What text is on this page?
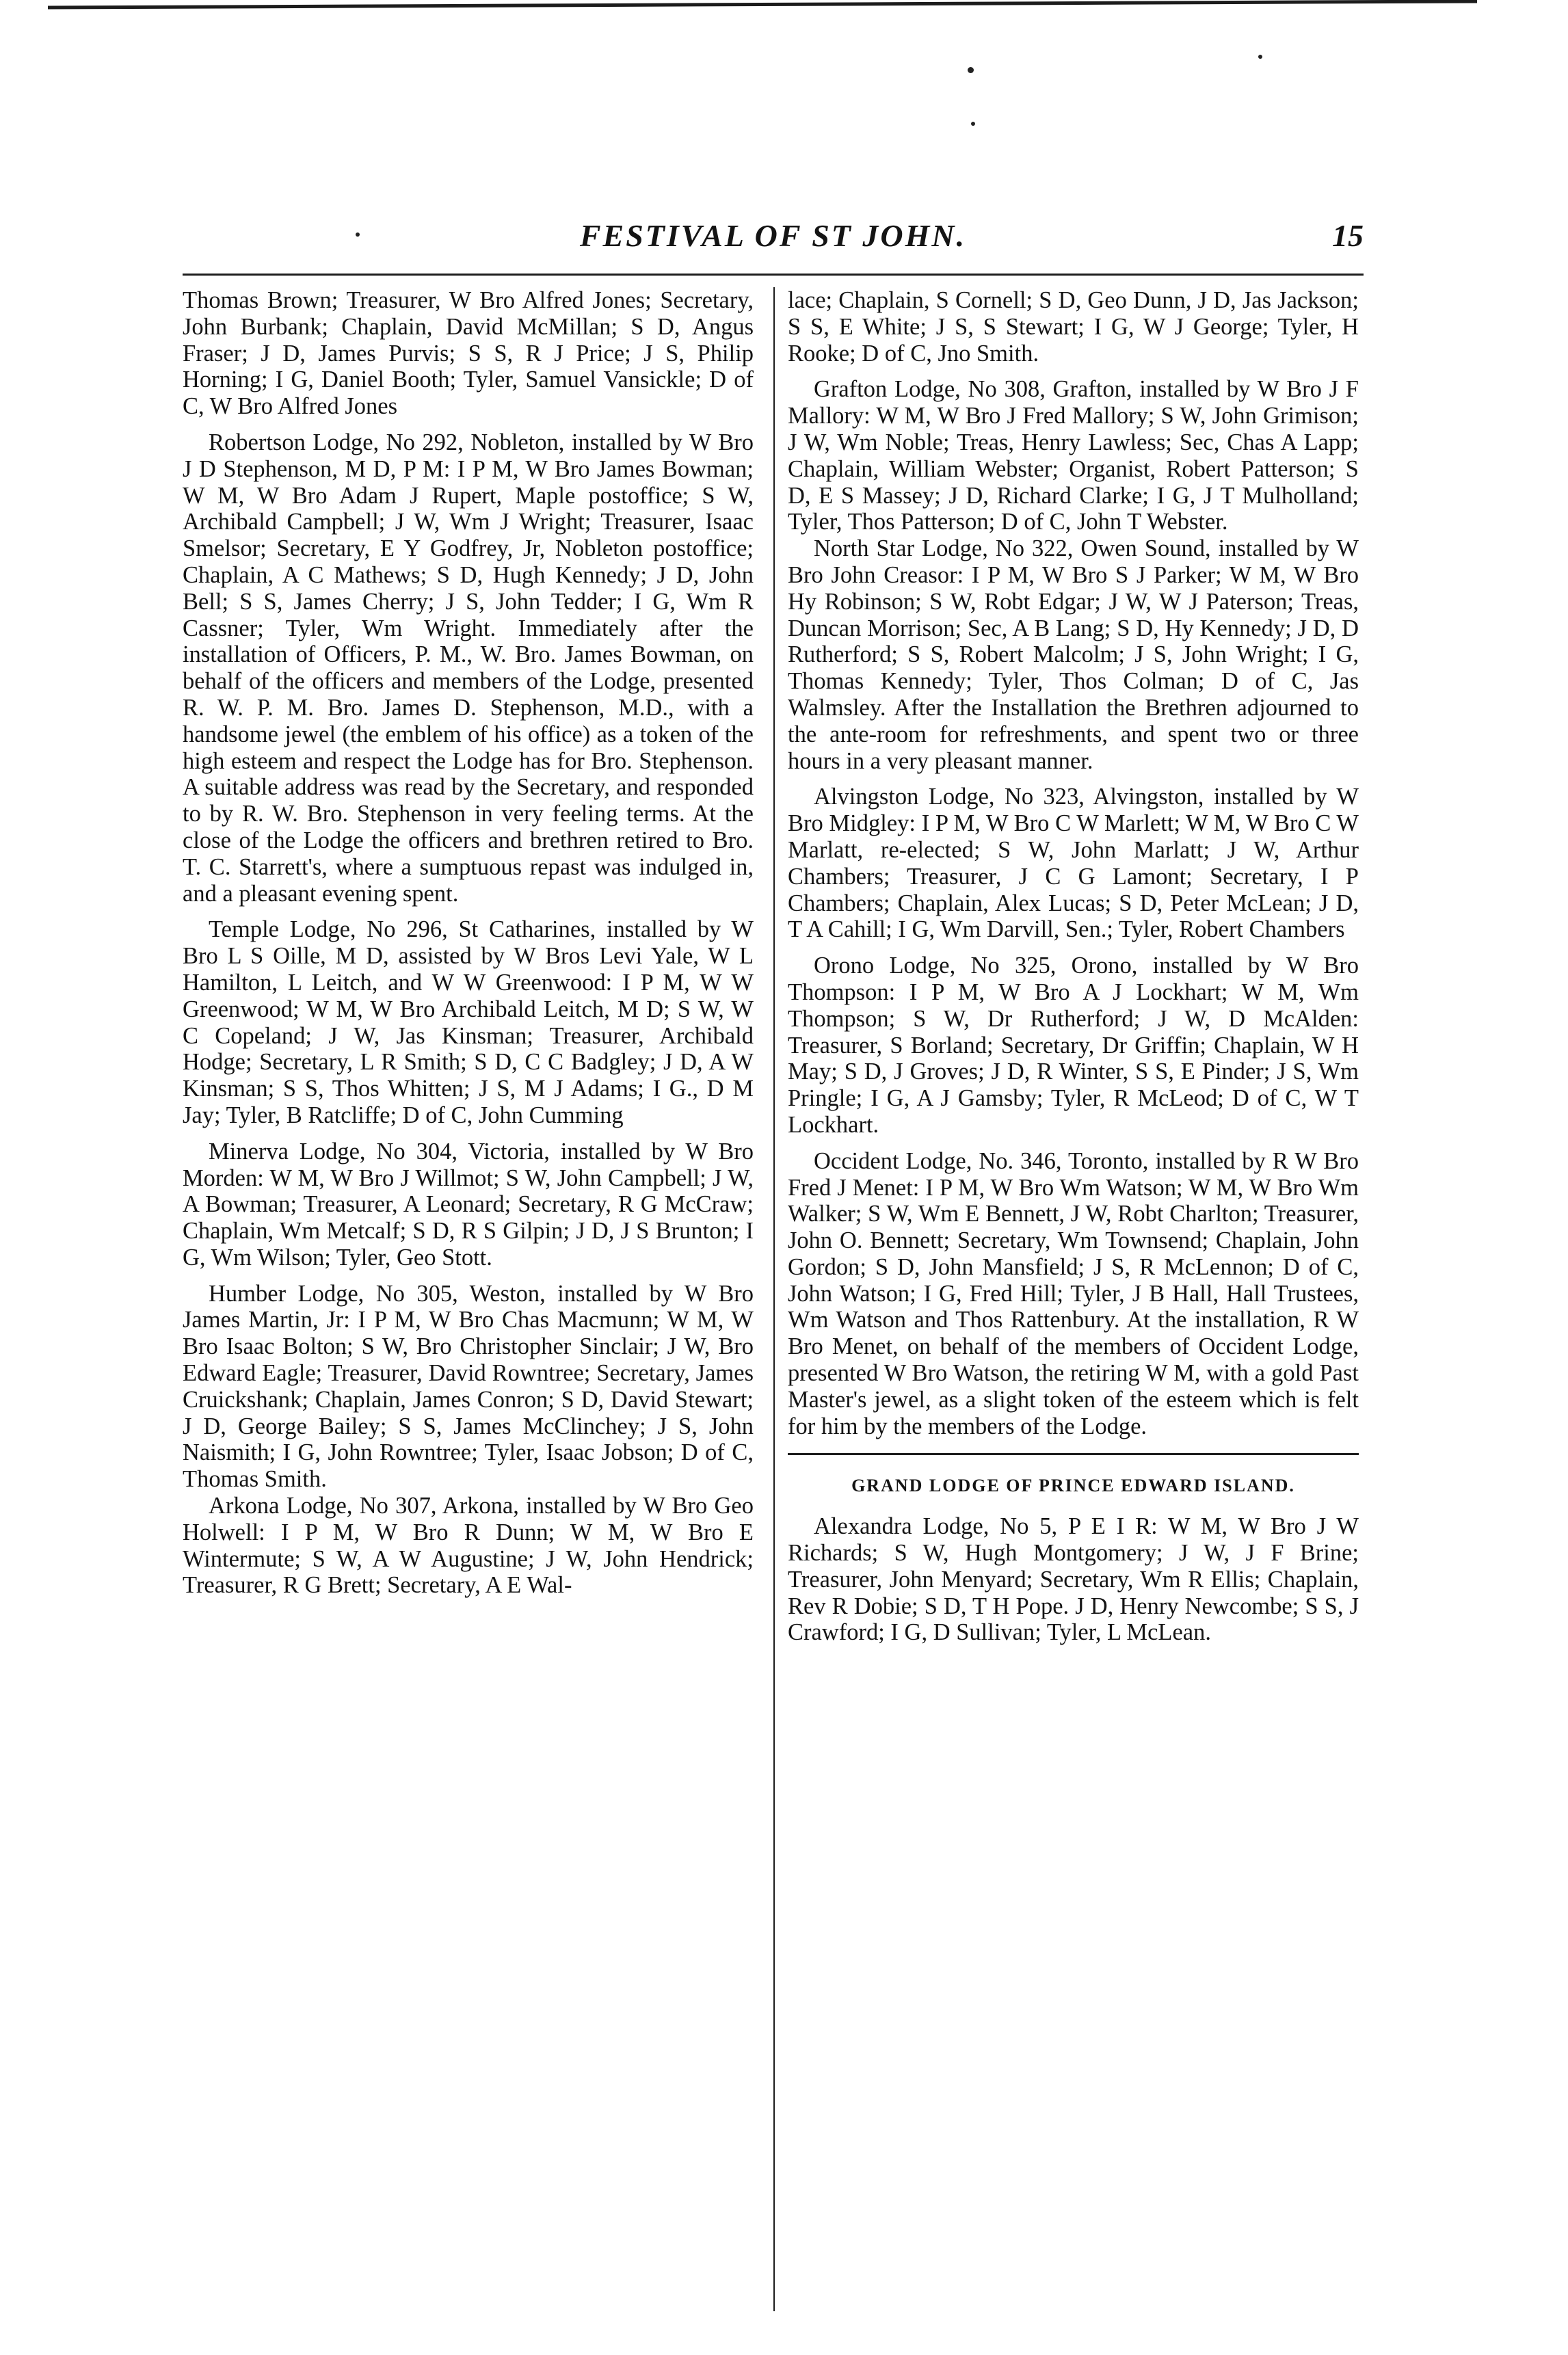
FESTIVAL OF ST JOHN.	15

Thomas Brown; Treasurer, W Bro Alfred Jones; Secretary, John Burbank; Chaplain, David McMillan; S D, Angus Fraser; J D, James Purvis; S S, R J Price; J S, Philip Horning; I G, Daniel Booth; Tyler, Samuel Vansickle; D of C, W Bro Alfred Jones

Robertson Lodge, No 292, Nobleton, installed by W Bro J D Stephenson, M D, P M: I P M, W Bro James Bowman; W M, W Bro Adam J Rupert, Maple postoffice; S W, Archibald Campbell; J W, Wm J Wright; Treasurer, Isaac Smelsor; Secretary, E Y Godfrey, Jr, Nobleton postoffice; Chaplain, A C Mathews; S D, Hugh Kennedy; J D, John Bell; S S, James Cherry; J S, John Tedder; I G, Wm R Cassner; Tyler, Wm Wright. Immediately after the installation of Officers, P. M., W. Bro. James Bowman, on behalf of the officers and members of the Lodge, presented R. W. P. M. Bro. James D. Stephenson, M.D., with a handsome jewel (the emblem of his office) as a token of the high esteem and respect the Lodge has for Bro. Stephenson. A suitable address was read by the Secretary, and responded to by R. W. Bro. Stephenson in very feeling terms. At the close of the Lodge the officers and brethren retired to Bro. T. C. Starrett's, where a sumptuous repast was indulged in, and a pleasant evening spent.

Temple Lodge, No 296, St Catharines, installed by W Bro L S Oille, M D, assisted by W Bros Levi Yale, W L Hamilton, L Leitch, and W W Greenwood: I P M, W W Greenwood; W M, W Bro Archibald Leitch, M D; S W, W C Copeland; J W, Jas Kinsman; Treasurer, Archibald Hodge; Secretary, L R Smith; S D, C C Badgley; J D, A W Kinsman; S S, Thos Whitten; J S, M J Adams; I G., D M Jay; Tyler, B Ratcliffe; D of C, John Cumming

Minerva Lodge, No 304, Victoria, installed by W Bro Morden: W M, W Bro J Willmot; S W, John Campbell; J W, A Bowman; Treasurer, A Leonard; Secretary, R G McCraw; Chaplain, Wm Metcalf; S D, R S Gilpin; J D, J S Brunton; I G, Wm Wilson; Tyler, Geo Stott.

Humber Lodge, No 305, Weston, installed by W Bro James Martin, Jr: I P M, W Bro Chas Macmunn; W M, W Bro Isaac Bolton; S W, Bro Christopher Sinclair; J W, Bro Edward Eagle; Treasurer, David Rowntree; Secretary, James Cruickshank; Chaplain, James Conron; S D, David Stewart; J D, George Bailey; S S, James McClinchey; J S, John Naismith; I G, John Rowntree; Tyler, Isaac Jobson; D of C, Thomas Smith.

Arkona Lodge, No 307, Arkona, installed by W Bro Geo Holwell: I P M, W Bro R Dunn; W M, W Bro E Wintermute; S W, A W Augustine; J W, John Hendrick; Treasurer, R G Brett; Secretary, A E Wal-

lace; Chaplain, S Cornell; S D, Geo Dunn, J D, Jas Jackson; S S, E White; J S, S Stewart; I G, W J George; Tyler, H Rooke; D of C, Jno Smith.

Grafton Lodge, No 308, Grafton, installed by W Bro J F Mallory: W M, W Bro J Fred Mallory; S W, John Grimison; J W, Wm Noble; Treas, Henry Lawless; Sec, Chas A Lapp; Chaplain, William Webster; Organist, Robert Patterson; S D, E S Massey; J D, Richard Clarke; I G, J T Mulholland; Tyler, Thos Patterson; D of C, John T Webster.

North Star Lodge, No 322, Owen Sound, installed by W Bro John Creasor: I P M, W Bro S J Parker; W M, W Bro Hy Robinson; S W, Robt Edgar; J W, W J Paterson; Treas, Duncan Morrison; Sec, A B Lang; S D, Hy Kennedy; J D, D Rutherford; S S, Robert Malcolm; J S, John Wright; I G, Thomas Kennedy; Tyler, Thos Colman; D of C, Jas Walmsley. After the Installation the Brethren adjourned to the ante-room for refreshments, and spent two or three hours in a very pleasant manner.

Alvingston Lodge, No 323, Alvingston, installed by W Bro Midgley: I P M, W Bro C W Marlett; W M, W Bro C W Marlatt, re-elected; S W, John Marlatt; J W, Arthur Chambers; Treasurer, J C G Lamont; Secretary, I P Chambers; Chaplain, Alex Lucas; S D, Peter McLean; J D, T A Cahill; I G, Wm Darvill, Sen.; Tyler, Robert Chambers

Orono Lodge, No 325, Orono, installed by W Bro Thompson: I P M, W Bro A J Lockhart; W M, Wm Thompson; S W, Dr Rutherford; J W, D McAlden: Treasurer, S Borland; Secretary, Dr Griffin; Chaplain, W H May; S D, J Groves; J D, R Winter, S S, E Pinder; J S, Wm Pringle; I G, A J Gamsby; Tyler, R McLeod; D of C, W T Lockhart.

Occident Lodge, No. 346, Toronto, installed by R W Bro Fred J Menet: I P M, W Bro Wm Watson; W M, W Bro Wm Walker; S W, Wm E Bennett, J W, Robt Charlton; Treasurer, John O. Bennett; Secretary, Wm Townsend; Chaplain, John Gordon; S D, John Mansfield; J S, R McLennon; D of C, John Watson; I G, Fred Hill; Tyler, J B Hall, Hall Trustees, Wm Watson and Thos Rattenbury. At the installation, R W Bro Menet, on behalf of the members of Occident Lodge, presented W Bro Watson, the retiring W M, with a gold Past Master's jewel, as a slight token of the esteem which is felt for him by the members of the Lodge.

GRAND LODGE OF PRINCE EDWARD ISLAND.

Alexandra Lodge, No 5, P E I R: W M, W Bro J W Richards; S W, Hugh Montgomery; J W, J F Brine; Treasurer, John Menyard; Secretary, Wm R Ellis; Chaplain, Rev R Dobie; S D, T H Pope. J D, Henry Newcombe; S S, J Crawford; I G, D Sullivan; Tyler, L McLean.
